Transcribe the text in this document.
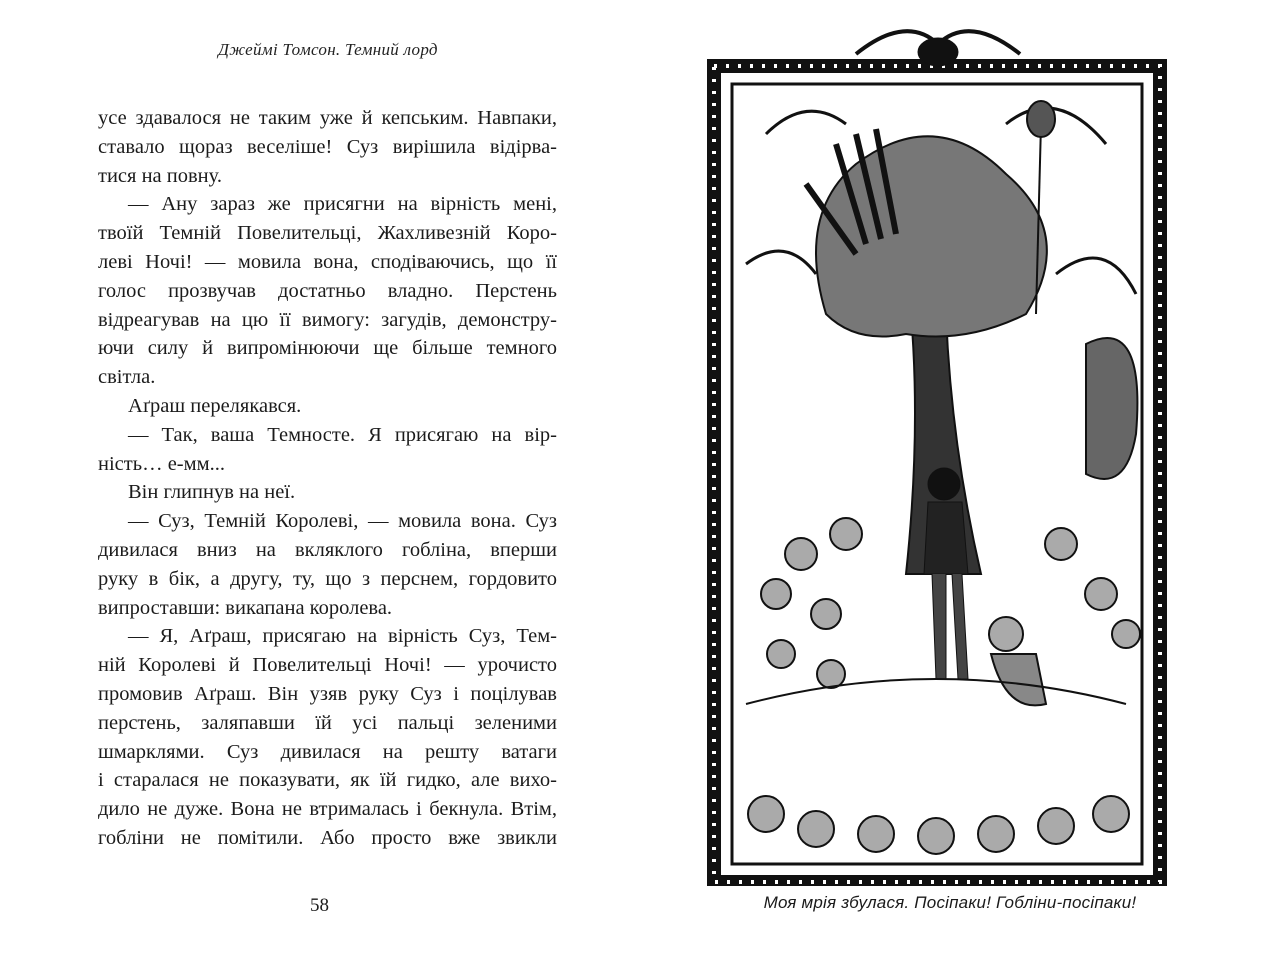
Джеймі Томсон. Темний лорд
усе здавалося не таким уже й кепським. Навпаки,
ставало щораз веселіше! Суз вирішила відірва-
тися на повну.
— Ану зараз же присягни на вірність мені,
твоїй Темній Повелительці, Жахливезній Коро-
леві Ночі! — мовила вона, сподіваючись, що її
голос прозвучав достатньо владно. Перстень
відреагував на цю її вимогу: загудів, демонстру-
ючи силу й випромінюючи ще більше темного
світла.
Аґраш перелякався.
— Так, ваша Темносте. Я присягаю на вір-
ність… е-мм...
Він глипнув на неї.
— Суз, Темній Королеві, — мовила вона. Суз
дивилася вниз на вкляклого гобліна, вперши
руку в бік, а другу, ту, що з перснем, гордовито
випроставши: викапана королева.
— Я, Аґраш, присягаю на вірність Суз, Тем-
ній Королеві й Повелительці Ночі! — урочисто
промовив Аґраш. Він узяв руку Суз і поцілував
перстень, заляпавши їй усі пальці зеленими
шмарклями. Суз дивилася на решту ватаги
і старалася не показувати, як їй гидко, але вихо-
дило не дуже. Вона не втрималась і бекнула. Втім,
гобліни не помітили. Або просто вже звикли
58	Моя мрія збулася. Посіпаки! Гобліни-посіпаки!
